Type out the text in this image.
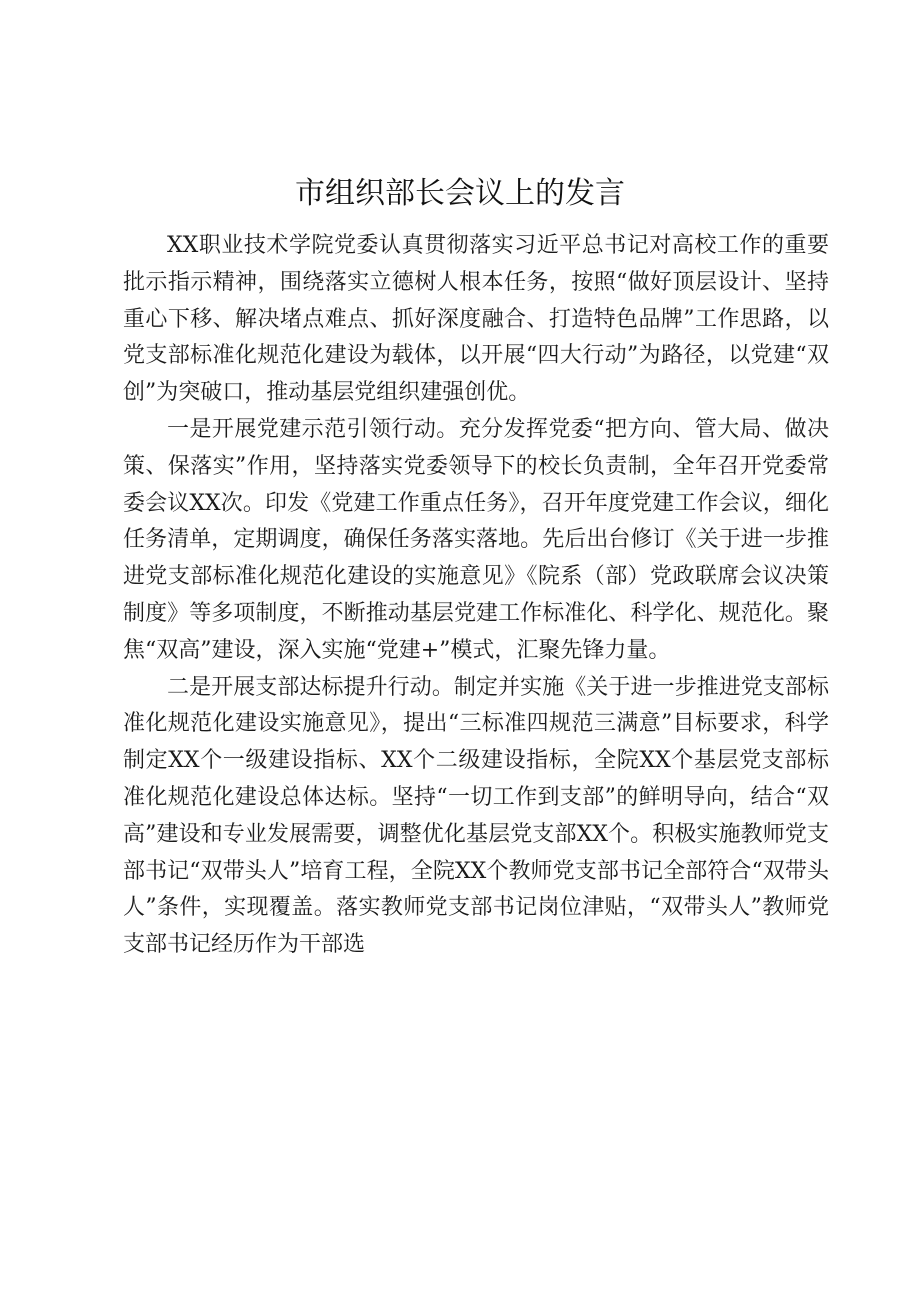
市组织部长会议上的发言

XX职业技术学院党委认真贯彻落实习近平总书记对高校工作的重要批示指示精神，围绕落实立德树人根本任务，按照“做好顶层设计、坚持重心下移、解决堵点难点、抓好深度融合、打造特色品牌”工作思路，以党支部标准化规范化建设为载体，以开展“四大行动”为路径，以党建“双创”为突破口，推动基层党组织建强创优。

一是开展党建示范引领行动。充分发挥党委“把方向、管大局、做决策、保落实”作用，坚持落实党委领导下的校长负责制，全年召开党委常委会议XX次。印发《党建工作重点任务》，召开年度党建工作会议，细化任务清单，定期调度，确保任务落实落地。先后出台修订《关于进一步推进党支部标准化规范化建设的实施意见》《院系（部）党政联席会议决策制度》等多项制度，不断推动基层党建工作标准化、科学化、规范化。聚焦“双高”建设，深入实施“党建+”模式，汇聚先锋力量。

二是开展支部达标提升行动。制定并实施《关于进一步推进党支部标准化规范化建设实施意见》，提出“三标准四规范三满意”目标要求，科学制定XX个一级建设指标、XX个二级建设指标，全院XX个基层党支部标准化规范化建设总体达标。坚持“一切工作到支部”的鲜明导向，结合“双高”建设和专业发展需要，调整优化基层党支部XX个。积极实施教师党支部书记“双带头人”培育工程，全院XX个教师党支部书记全部符合“双带头人”条件，实现覆盖。落实教师党支部书记岗位津贴，“双带头人”教师党支部书记经历作为干部选
